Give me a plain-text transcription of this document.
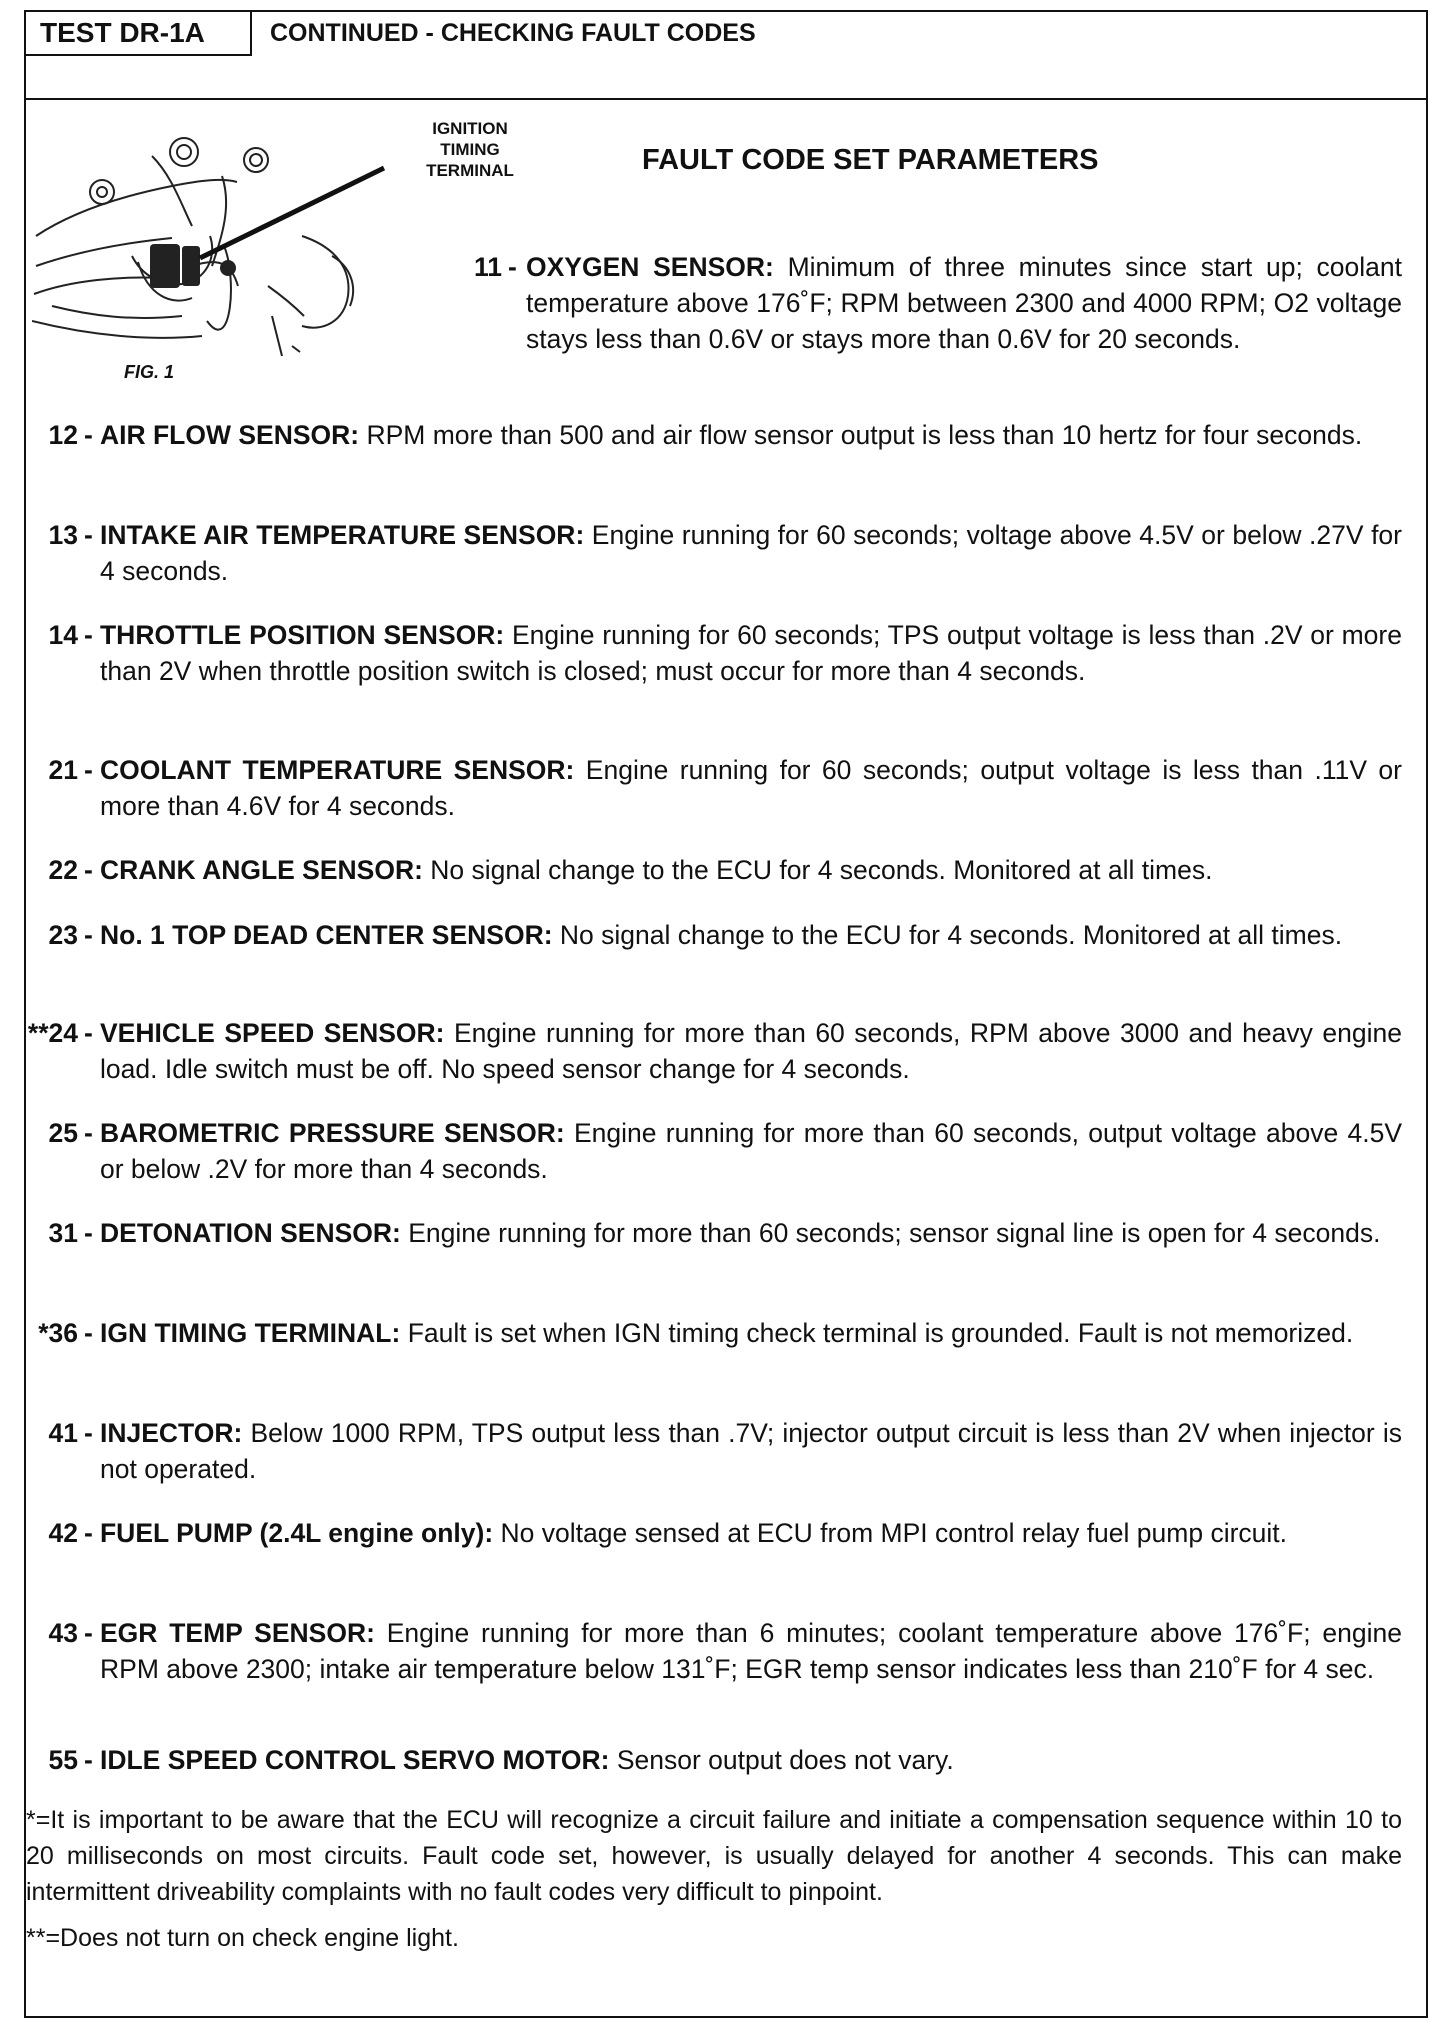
TEST DR-1A	CONTINUED - CHECKING FAULT CODES
FIG. 1
IGNITION
TIMING
TERMINAL	FAULT CODE SET PARAMETERS
11 - OXYGEN SENSOR: Minimum of three minutes since start up; coolant temperature above 176˚F; RPM between 2300 and 4000 RPM; O2 voltage stays less than 0.6V or stays more than 0.6V for 20 seconds.
12 - AIR FLOW SENSOR: RPM more than 500 and air flow sensor output is less than 10 hertz for four seconds.
13 - INTAKE AIR TEMPERATURE SENSOR: Engine running for 60 seconds; voltage above 4.5V or below .27V for 4 seconds.
14 - THROTTLE POSITION SENSOR: Engine running for 60 seconds; TPS output voltage is less than .2V or more than 2V when throttle position switch is closed; must occur for more than 4 seconds.
21 - COOLANT TEMPERATURE SENSOR: Engine running for 60 seconds; output voltage is less than .11V or more than 4.6V for 4 seconds.
22 - CRANK ANGLE SENSOR: No signal change to the ECU for 4 seconds. Monitored at all times.
23 - No. 1 TOP DEAD CENTER SENSOR: No signal change to the ECU for 4 seconds. Monitored at all times.
**24 - VEHICLE SPEED SENSOR: Engine running for more than 60 seconds, RPM above 3000 and heavy engine load. Idle switch must be off. No speed sensor change for 4 seconds.
25 - BAROMETRIC PRESSURE SENSOR: Engine running for more than 60 seconds, output voltage above 4.5V or below .2V for more than 4 seconds.
31 - DETONATION SENSOR: Engine running for more than 60 seconds; sensor signal line is open for 4 seconds.
*36 - IGN TIMING TERMINAL: Fault is set when IGN timing check terminal is grounded. Fault is not memorized.
41 - INJECTOR: Below 1000 RPM, TPS output less than .7V; injector output circuit is less than 2V when injector is not operated.
42 - FUEL PUMP (2.4L engine only): No voltage sensed at ECU from MPI control relay fuel pump circuit.
43 - EGR TEMP SENSOR: Engine running for more than 6 minutes; coolant temperature above 176˚F; engine RPM above 2300; intake air temperature below 131˚F; EGR temp sensor indicates less than 210˚F for 4 sec.
55 - IDLE SPEED CONTROL SERVO MOTOR: Sensor output does not vary.
*=It is important to be aware that the ECU will recognize a circuit failure and initiate a compensation sequence within 10 to 20 milliseconds on most circuits. Fault code set, however, is usually delayed for another 4 seconds. This can make intermittent driveability complaints with no fault codes very difficult to pinpoint.
**=Does not turn on check engine light.
